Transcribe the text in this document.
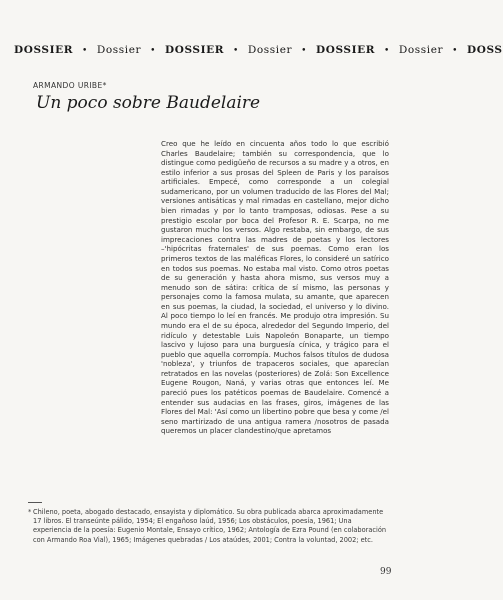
DOSSIER • Dossier • DOSSIER • Dossier • DOSSIER • Dossier • DOSS
ARMANDO URIBE*
Un poco sobre Baudelaire

Creo que he leído en cincuenta años todo lo que escribió Charles Baudelaire; también su correspondencia, que lo distingue como pedigüeño de recursos a su madre y a otros, en estilo inferior a sus prosas del Spleen de Paris y los paraísos artificiales. Empecé, como corresponde a un colegial sudamericano, por un volumen traducido de las Flores del Mal; versiones antisáticas y mal rimadas en castellano, mejor dicho bien rimadas y por lo tanto tramposas, odiosas. Pese a su prestigio escolar por boca del Profesor R. E. Scarpa, no me gustaron mucho los versos. Algo restaba, sin embargo, de sus imprecaciones contra las madres de poetas y los lectores –'hipócritas fraternales' de sus poemas. Como eran los primeros textos de las maléficas Flores, lo consideré un satírico en todos sus poemas. No estaba mal visto. Como otros poetas de su generación y hasta ahora mismo, sus versos muy a menudo son de sátira: crítica de sí mismo, las personas y personajes como la famosa mulata, su amante, que aparecen en sus poemas, la ciudad, la sociedad, el universo y lo divino. Al poco tiempo lo leí en francés. Me produjo otra impresión. Su mundo era el de su época, alrededor del Segundo Imperio, del ridículo y detestable Luis Napoleón Bonaparte, un tiempo lascivo y lujoso para una burguesía cínica, y trágico para el pueblo que aquella corrompía. Muchos falsos títulos de dudosa 'nobleza', y triunfos de trapaceros sociales, que aparecían retratados en las novelas (posteriores) de Zolá: Son Excellence Eugene Rougon, Naná, y varias otras que entonces leí. Me pareció pues los patéticos poemas de Baudelaire. Comencé a entender sus audacias en las frases, giros, imágenes de las Flores del Mal: 'Así como un libertino pobre que besa y come /el seno martirizado de una antigua ramera /nosotros de pasada queremos un placer clandestino/que apretamos

* Chileno, poeta, abogado destacado, ensayista y diplomático. Su obra publicada abarca aproximadamente 17 libros. El transeúnte pálido, 1954; El engañoso laúd, 1956; Los obstáculos, poesía, 1961; Una experiencia de la poesía: Eugenio Montale, Ensayo crítico, 1962; Antología de Ezra Pound (en colaboración con Armando Roa Vial), 1965; Imágenes quebradas / Los ataúdes, 2001; Contra la voluntad, 2002; etc.
99
